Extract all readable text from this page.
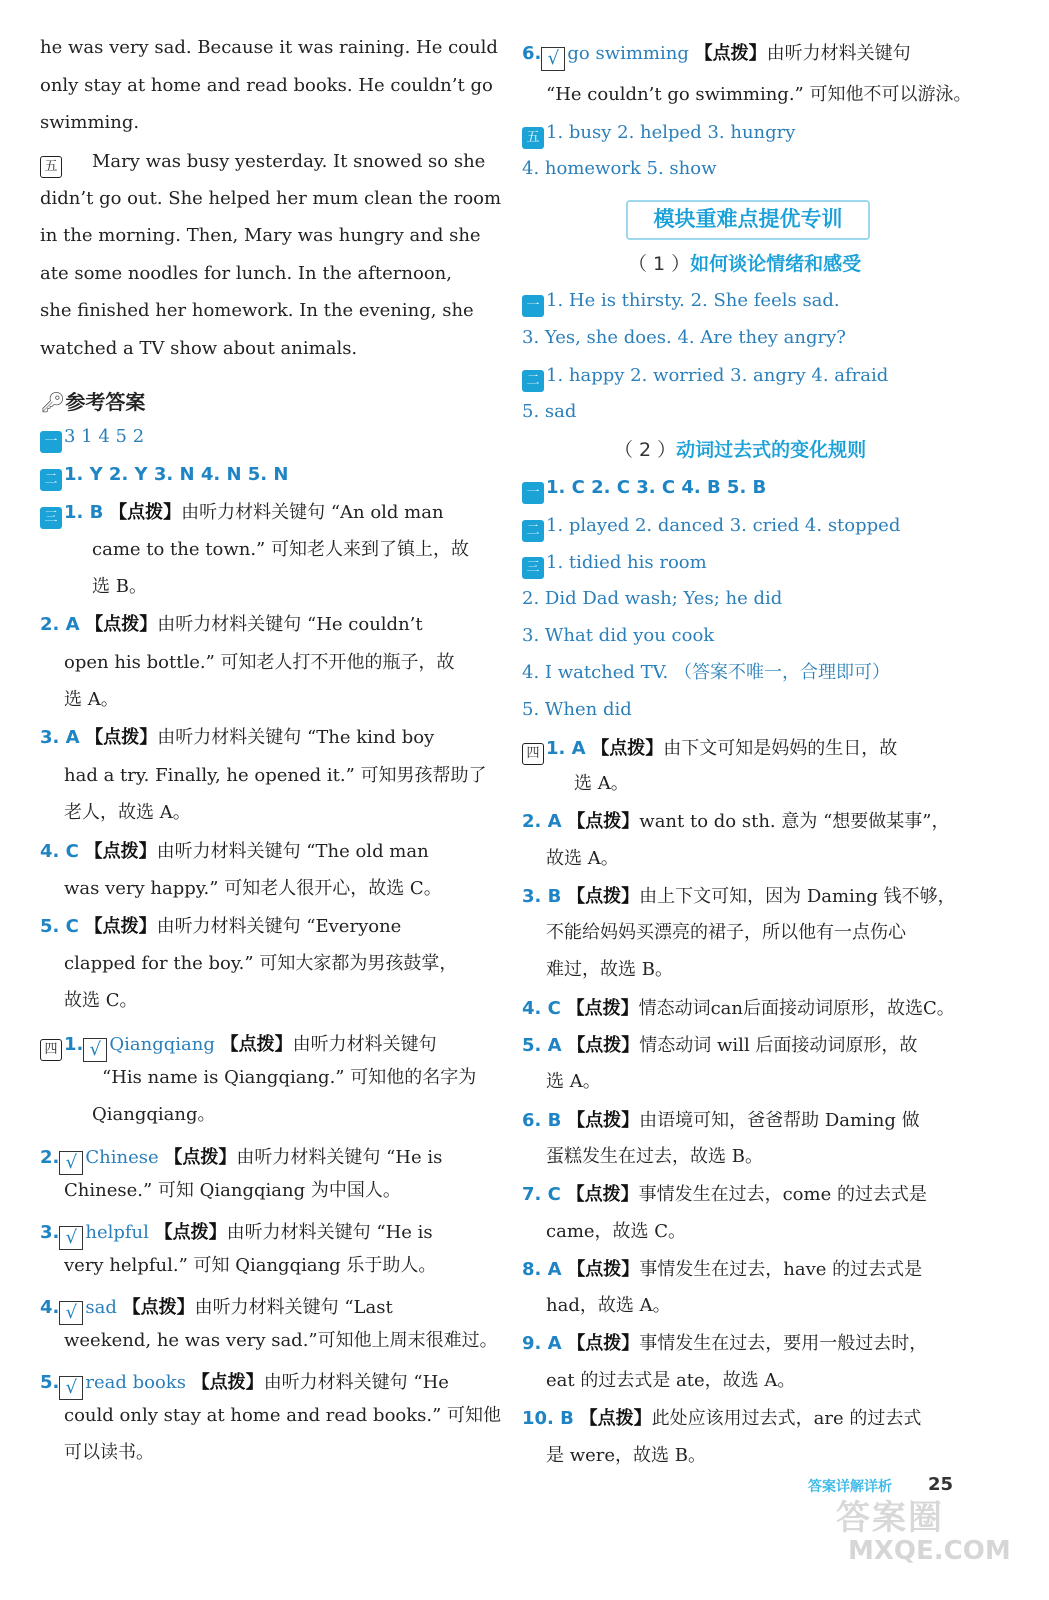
he was very sad. Because it was raining. He could
only stay at home and read books. He couldn’t go
swimming.
五 Mary was busy yesterday. It snowed so she
didn’t go out. She helped her mum clean the room
in the morning. Then, Mary was hungry and she
ate some noodles for lunch. In the afternoon,
she finished her homework. In the evening, she
watched a TV show about animals.
🔑︎参考答案
一 3 1 4 5 2
二 1. Y 2. Y 3. N 4. N 5. N
三 1. B 【点拨】由听力材料关键句 “An old man
came to the town.” 可知老人来到了镇上，故
选 B。
2. A 【点拨】由听力材料关键句 “He couldn’t
open his bottle.” 可知老人打不开他的瓶子，故
选 A。
3. A 【点拨】由听力材料关键句 “The kind boy
had a try. Finally, he opened it.” 可知男孩帮助了
老人，故选 A。
4. C 【点拨】由听力材料关键句 “The old man
was very happy.” 可知老人很开心，故选 C。
5. C 【点拨】由听力材料关键句 “Everyone
clapped for the boy.” 可知大家都为男孩鼓掌，
故选 C。
四 1. √ Qiangqiang 【点拨】由听力材料关键句
“His name is Qiangqiang.” 可知他的名字为
Qiangqiang。
2. √ Chinese 【点拨】由听力材料关键句 “He is
Chinese.” 可知 Qiangqiang 为中国人。
3. √ helpful 【点拨】由听力材料关键句 “He is
very helpful.” 可知 Qiangqiang 乐于助人。
4. √ sad 【点拨】由听力材料关键句 “Last
weekend, he was very sad.”可知他上周末很难过。
5. √ read books 【点拨】由听力材料关键句 “He
could only stay at home and read books.” 可知他
可以读书。
6. √ go swimming 【点拨】由听力材料关键句
“He couldn’t go swimming.” 可知他不可以游泳。
五 1. busy 2. helped 3. hungry
4. homework 5. show
模块重难点提优专训
（ 1 ）如何谈论情绪和感受
一 1. He is thirsty. 2. She feels sad.
3. Yes, she does. 4. Are they angry?
二 1. happy 2. worried 3. angry 4. afraid
5. sad
（ 2 ）动词过去式的变化规则
一 1. C 2. C 3. C 4. B 5. B
二 1. played 2. danced 3. cried 4. stopped
三 1. tidied his room
2. Did Dad wash; Yes; he did
3. What did you cook
4. I watched TV. （答案不唯一，合理即可）
5. When did
四 1. A 【点拨】由下文可知是妈妈的生日，故
选 A。
2. A 【点拨】want to do sth. 意为 “想要做某事”，
故选 A。
3. B 【点拨】由上下文可知，因为 Daming 钱不够，
不能给妈妈买漂亮的裙子，所以他有一点伤心
难过，故选 B。
4. C 【点拨】情态动词can后面接动词原形，故选C。
5. A 【点拨】情态动词 will 后面接动词原形，故
选 A。
6. B 【点拨】由语境可知，爸爸帮助 Daming 做
蛋糕发生在过去，故选 B。
7. C 【点拨】事情发生在过去，come 的过去式是
came，故选 C。
8. A 【点拨】事情发生在过去，have 的过去式是
had，故选 A。
9. A 【点拨】事情发生在过去，要用一般过去时，
eat 的过去式是 ate，故选 A。
10. B 【点拨】此处应该用过去式，are 的过去式
是 were，故选 B。
答案详解详析 25
答案圈
MXQE.COM
